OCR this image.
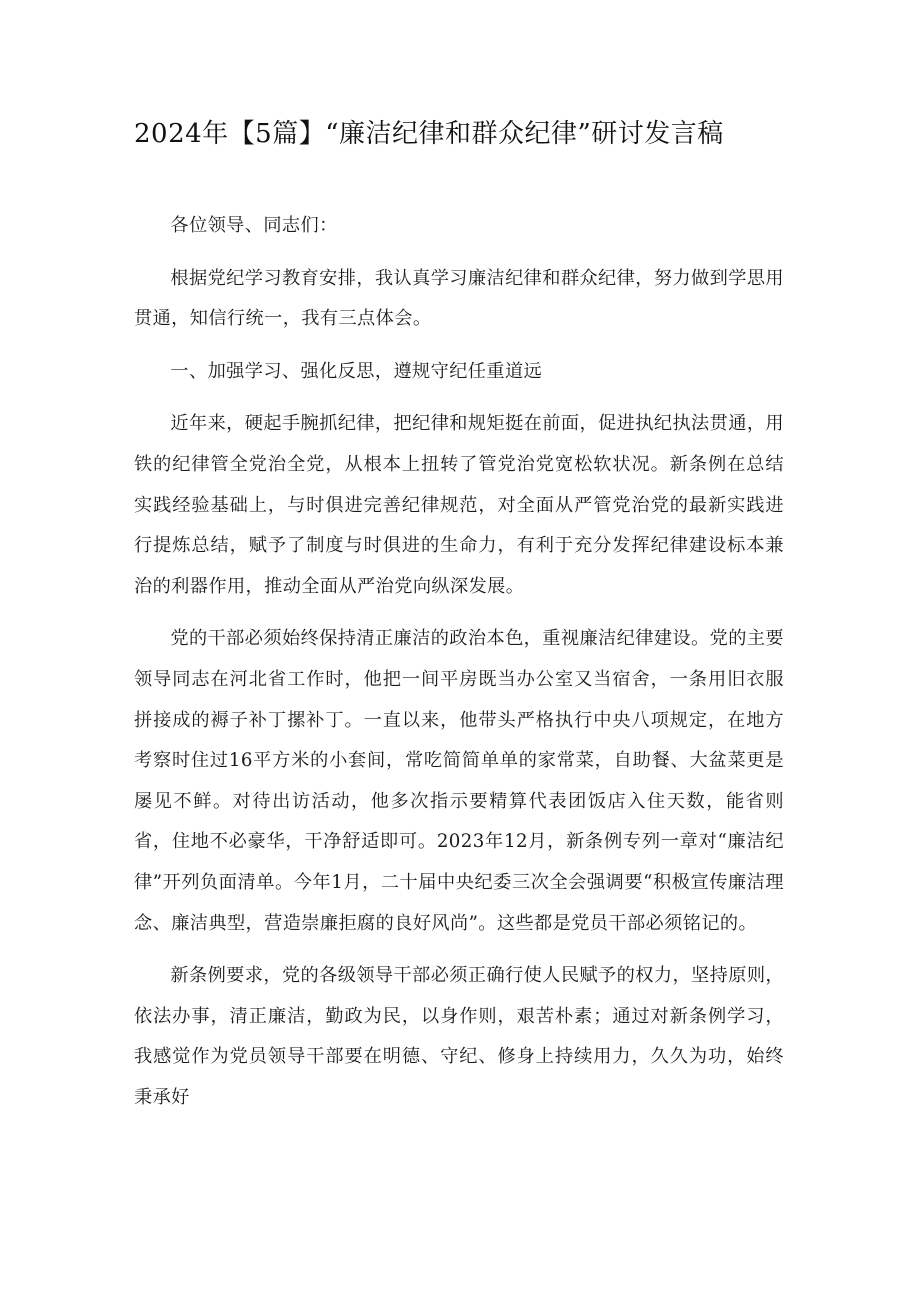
2024年【5篇】“廉洁纪律和群众纪律”研讨发言稿

各位领导、同志们：

根据党纪学习教育安排，我认真学习廉洁纪律和群众纪律，努力做到学思用贯通，知信行统一，我有三点体会。

一、加强学习、强化反思，遵规守纪任重道远

近年来，硬起手腕抓纪律，把纪律和规矩挺在前面，促进执纪执法贯通，用铁的纪律管全党治全党，从根本上扭转了管党治党宽松软状况。新条例在总结实践经验基础上，与时俱进完善纪律规范，对全面从严管党治党的最新实践进行提炼总结，赋予了制度与时俱进的生命力，有利于充分发挥纪律建设标本兼治的利器作用，推动全面从严治党向纵深发展。

党的干部必须始终保持清正廉洁的政治本色，重视廉洁纪律建设。党的主要领导同志在河北省工作时，他把一间平房既当办公室又当宿舍，一条用旧衣服拼接成的褥子补丁摞补丁。一直以来，他带头严格执行中央八项规定，在地方考察时住过16平方米的小套间，常吃简简单单的家常菜，自助餐、大盆菜更是屡见不鲜。对待出访活动，他多次指示要精算代表团饭店入住天数，能省则省，住地不必豪华，干净舒适即可。2023年12月，新条例专列一章对“廉洁纪律”开列负面清单。今年1月，二十届中央纪委三次全会强调要“积极宣传廉洁理念、廉洁典型，营造崇廉拒腐的良好风尚”。这些都是党员干部必须铭记的。

新条例要求，党的各级领导干部必须正确行使人民赋予的权力，坚持原则，依法办事，清正廉洁，勤政为民，以身作则，艰苦朴素；通过对新条例学习，我感觉作为党员领导干部要在明德、守纪、修身上持续用力，久久为功，始终秉承好
